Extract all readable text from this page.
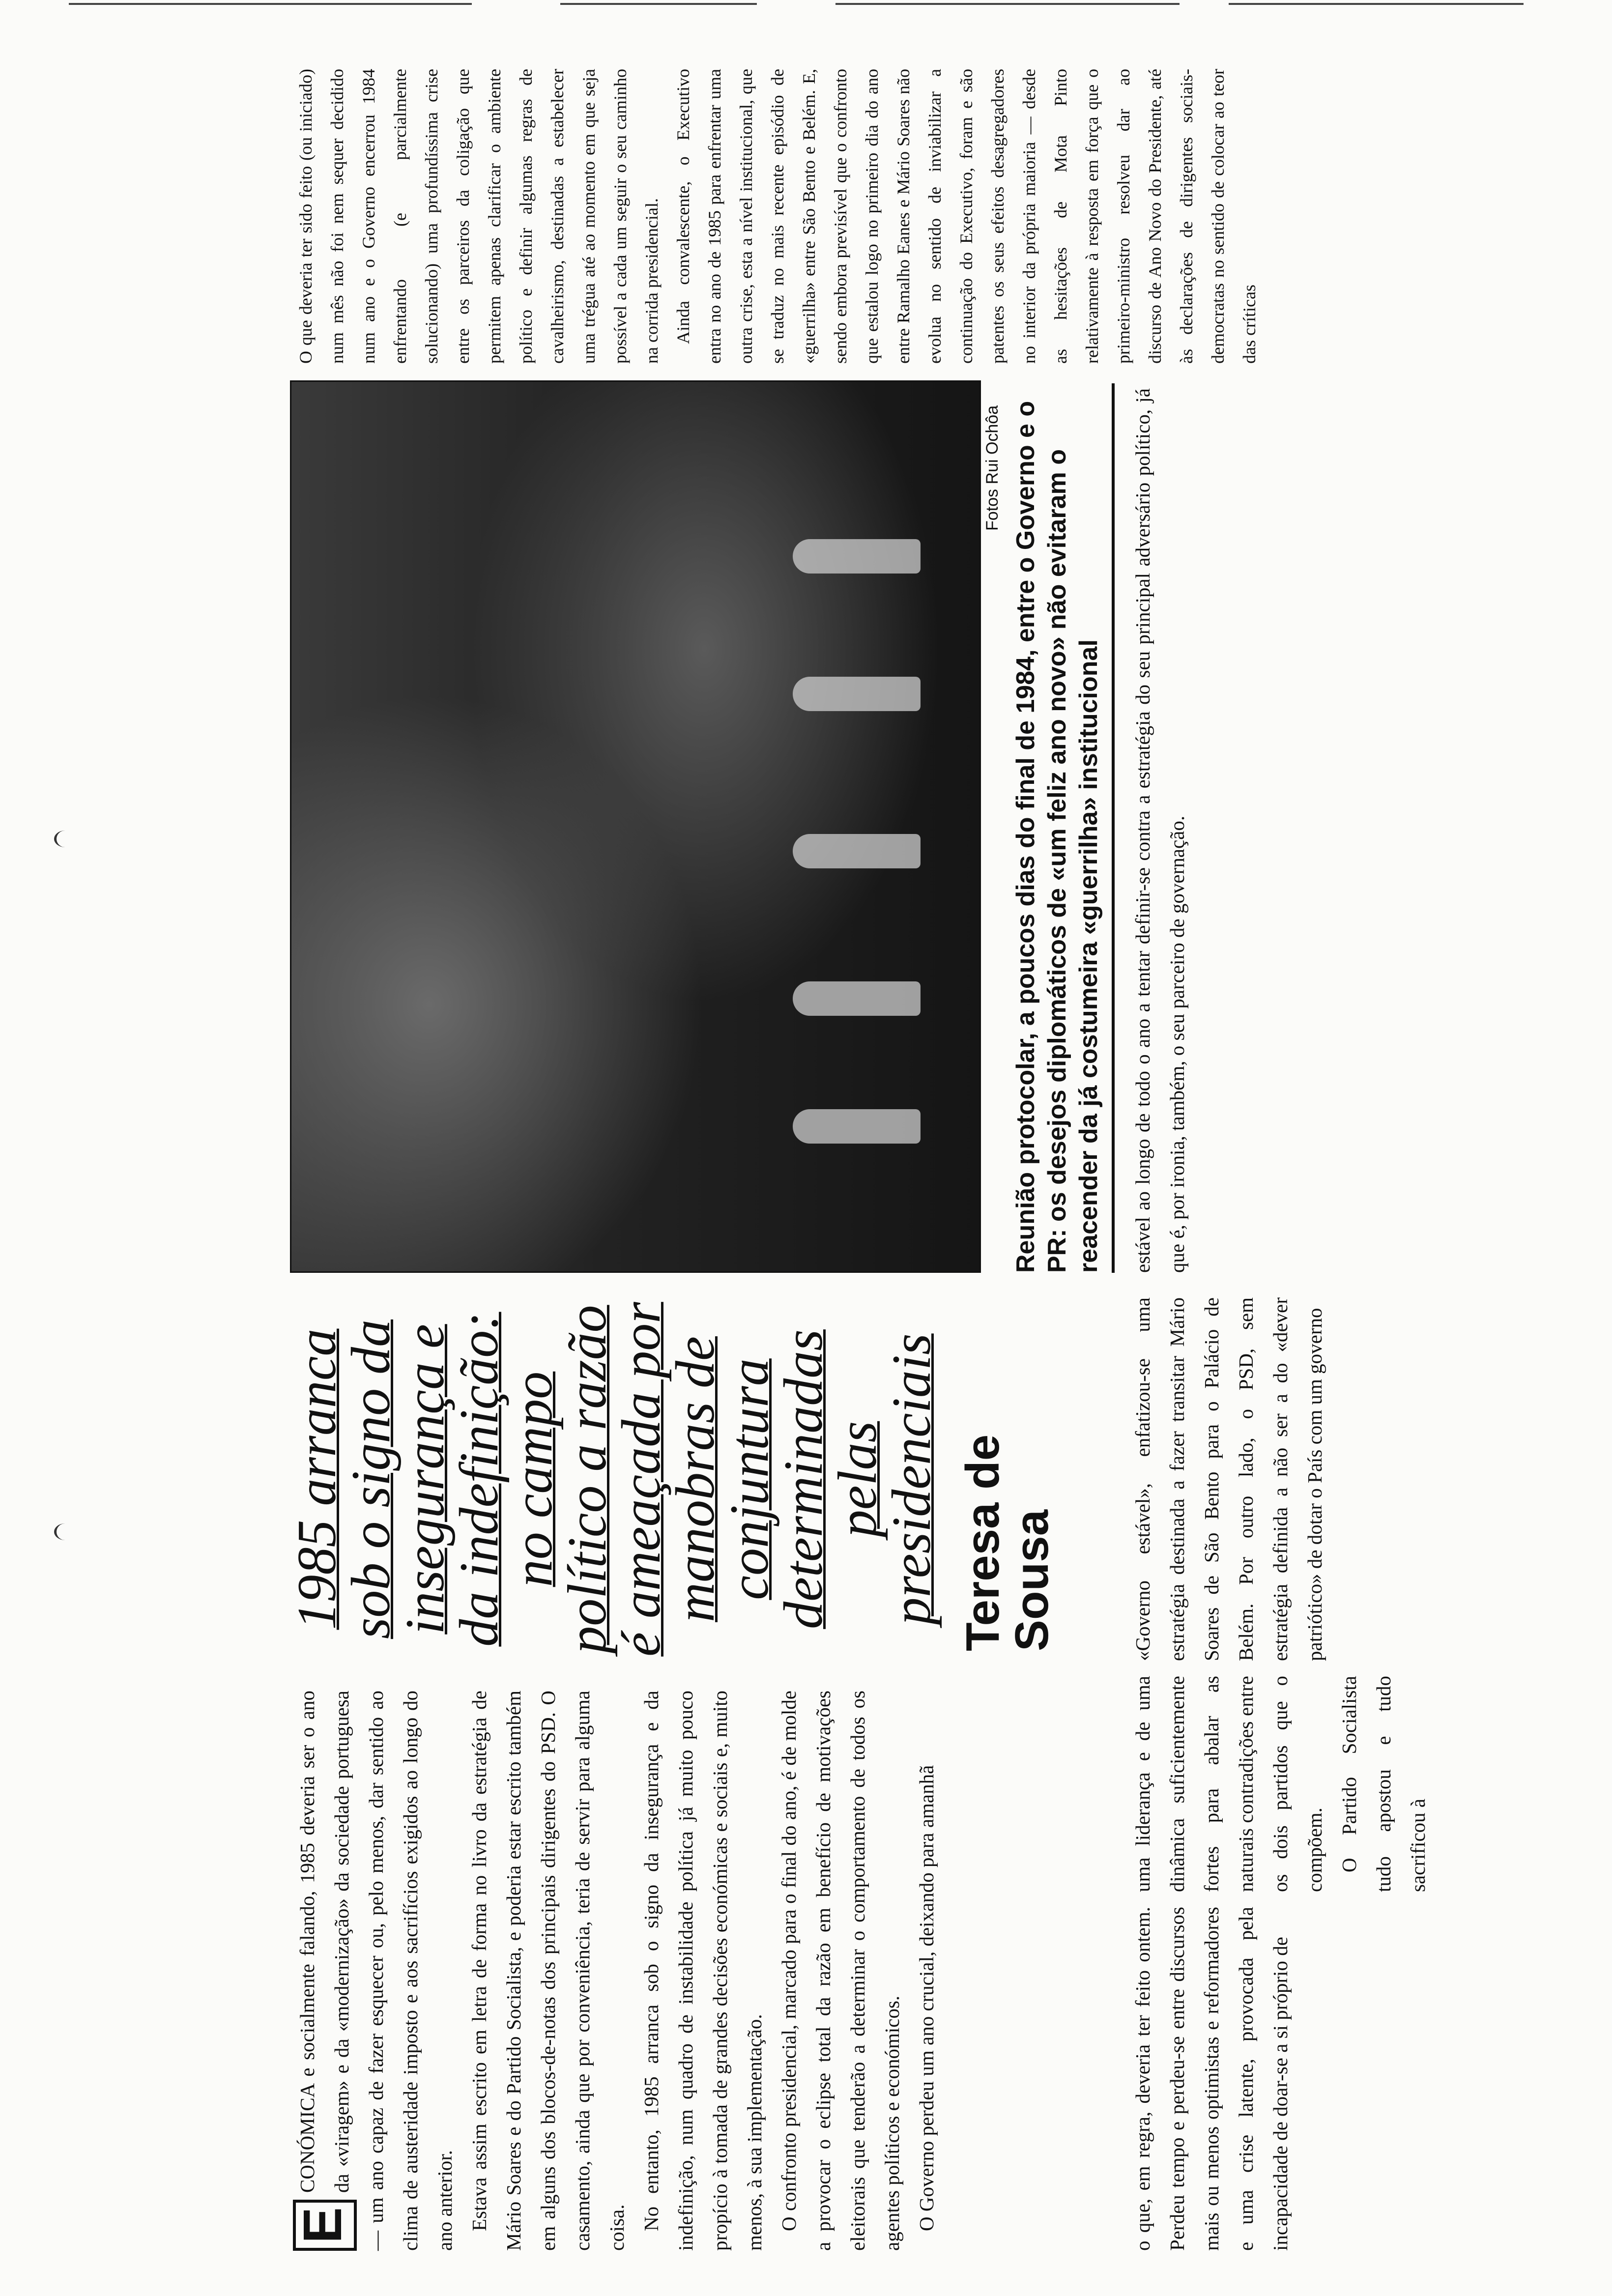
E

CONÓMICA e socialmente falando, 1985 deveria ser o ano da «viragem» e da «modernização» da sociedade portuguesa — um ano capaz de fazer esquecer ou, pelo menos, dar sentido ao clima de austeridade imposto e aos sacrifícios exigidos ao longo do ano anterior. Estava assim escrito em letra de forma no livro da estratégia de Mário Soares e do Partido Socialista, e poderia estar escrito também em alguns dos blocos-de-notas dos principais dirigentes do PSD. O casamento, ainda que por conveniência, teria de servir para alguma coisa. No entanto, 1985 arranca sob o signo da insegurança e da indefinição, num quadro de instabilidade política já muito pouco propício à tomada de grandes decisões económicas e sociais e, muito menos, à sua implementação. O confronto presidencial, marcado para o final do ano, é de molde a provocar o eclipse total da razão em benefício de motivações eleitorais que tenderão a determinar o comportamento de todos os agentes políticos e económicos. O Governo perdeu um ano crucial, deixando para amanhã

1985 arranca sob o signo da insegurança e da indefinição: no campo político a razão é ameaçada por manobras de conjuntura determinadas pelas presidenciais Teresa de Sousa

o que, em regra, deveria ter feito ontem. Perdeu tempo e perdeu-se entre discursos mais ou menos optimistas e reformadores e uma crise latente, provocada pela incapacidade de doar-se a si próprio de

uma liderança e de uma dinâmica suficientemente fortes para abalar as naturais contradições entre os dois partidos que o compõem. O Partido Socialista tudo apostou e tudo sacrificou à

Fotos Rui Ochôa Reunião protocolar, a poucos dias do final de 1984, entre o Governo e o PR: os desejos diplomáticos de «um feliz ano novo» não evitaram o reacender da já costumeira «guerrilha» institucional

«Governo estável», enfatizou-se uma estratégia destinada a fazer transitar Mário Soares de São Bento para o Palácio de Belém. Por outro lado, o PSD, sem estratégia definida a não ser a do «dever patriótico» de dotar o País com um governo

estável ao longo de todo o ano a tentar definir-se contra a estratégia do seu principal adversário político, já que é, por ironia, também, o seu parceiro de governação.

O que deveria ter sido feito (ou iniciado) num mês não foi nem sequer decidido num ano e o Governo encerrou 1984 enfrentando (e parcialmente solucionando) uma profundíssima crise entre os parceiros da coligação que permitem apenas clarificar o ambiente político e definir algumas regras de cavalheirismo, destinadas a estabelecer uma trégua até ao momento em que seja possível a cada um seguir o seu caminho na corrida presidencial. Ainda convalescente, o Executivo entra no ano de 1985 para enfrentar uma outra crise, esta a nível institucional, que se traduz no mais recente episódio de «guerrilha» entre São Bento e Belém. E, sendo embora previsível que o confronto que estalou logo no primeiro dia do ano entre Ramalho Eanes e Mário Soares não evolua no sentido de inviabilizar a continuação do Executivo, foram e são patentes os seus efeitos desagregadores no interior da própria maioria — desde as hesitações de Mota Pinto relativamente à resposta em força que o primeiro-ministro resolveu dar ao discurso de Ano Novo do Presidente, até às declarações de dirigentes sociais-democratas no sentido de colocar ao teor das críticas
